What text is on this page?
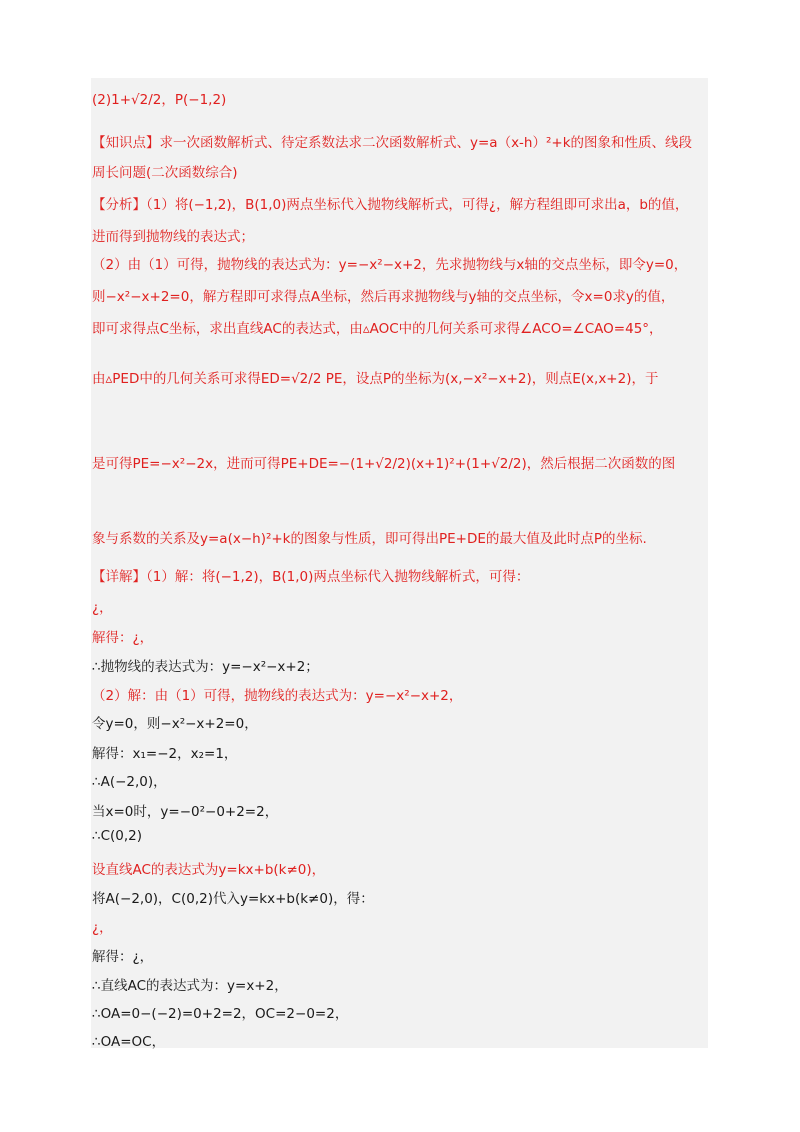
(2)1+√2/2，P(−1,2)
【知识点】求一次函数解析式、待定系数法求二次函数解析式、y=a（x-h）²+k的图象和性质、线段
周长问题(二次函数综合)
【分析】（1）将(−1,2)，B(1,0)两点坐标代入抛物线解析式，可得¿，解方程组即可求出a，b的值，
进而得到抛物线的表达式；
（2）由（1）可得，抛物线的表达式为：y=−x²−x+2，先求抛物线与x轴的交点坐标，即令y=0，
则−x²−x+2=0，解方程即可求得点A坐标，然后再求抛物线与y轴的交点坐标，令x=0求y的值，
即可求得点C坐标，求出直线AC的表达式，由▵AOC中的几何关系可求得∠ACO=∠CAO=45°，
由▵PED中的几何关系可求得ED=√2/2 PE，设点P的坐标为(x,−x²−x+2)，则点E(x,x+2)，于
是可得PE=−x²−2x，进而可得PE+DE=−(1+√2/2)(x+1)²+(1+√2/2)，然后根据二次函数的图
象与系数的关系及y=a(x−h)²+k的图象与性质，即可得出PE+DE的最大值及此时点P的坐标.
【详解】（1）解：将(−1,2)，B(1,0)两点坐标代入抛物线解析式，可得：
¿，
解得：¿，
∴抛物线的表达式为：y=−x²−x+2；
（2）解：由（1）可得，抛物线的表达式为：y=−x²−x+2，
令y=0，则−x²−x+2=0，
解得：x₁=−2，x₂=1，
∴A(−2,0)，
当x=0时，y=−0²−0+2=2，
∴C(0,2)
设直线AC的表达式为y=kx+b(k≠0)，
将A(−2,0)，C(0,2)代入y=kx+b(k≠0)，得：
¿，
解得：¿，
∴直线AC的表达式为：y=x+2，
∴OA=0−(−2)=0+2=2，OC=2−0=2，
∴OA=OC，
